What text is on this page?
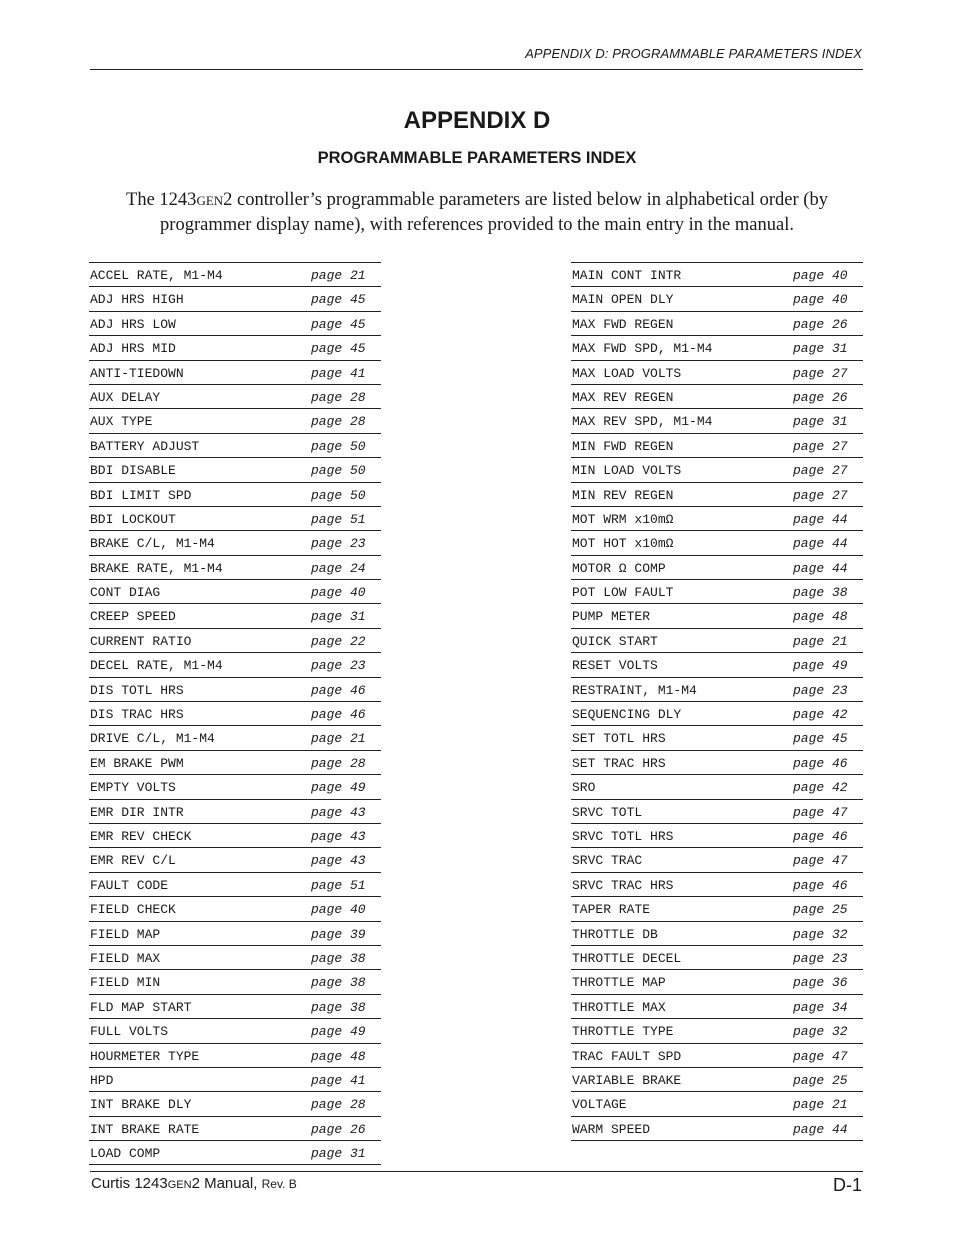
APPENDIX D: PROGRAMMABLE PARAMETERS INDEX
APPENDIX D
PROGRAMMABLE PARAMETERS INDEX
The 1243GEN2 controller’s programmable parameters are listed below in alphabetical order (by programmer display name), with references provided to the main entry in the manual.
ACCEL RATE, M1-M4	page 21
ADJ HRS HIGH	page 45
ADJ HRS LOW	page 45
ADJ HRS MID	page 45
ANTI-TIEDOWN	page 41
AUX DELAY	page 28
AUX TYPE	page 28
BATTERY ADJUST	page 50
BDI DISABLE	page 50
BDI LIMIT SPD	page 50
BDI LOCKOUT	page 51
BRAKE C/L, M1-M4	page 23
BRAKE RATE, M1-M4	page 24
CONT DIAG	page 40
CREEP SPEED	page 31
CURRENT RATIO	page 22
DECEL RATE, M1-M4	page 23
DIS TOTL HRS	page 46
DIS TRAC HRS	page 46
DRIVE C/L, M1-M4	page 21
EM BRAKE PWM	page 28
EMPTY VOLTS	page 49
EMR DIR INTR	page 43
EMR REV CHECK	page 43
EMR REV C/L	page 43
FAULT CODE	page 51
FIELD CHECK	page 40
FIELD MAP	page 39
FIELD MAX	page 38
FIELD MIN	page 38
FLD MAP START	page 38
FULL VOLTS	page 49
HOURMETER TYPE	page 48
HPD	page 41
INT BRAKE DLY	page 28
INT BRAKE RATE	page 26
LOAD COMP	page 31
MAIN CONT INTR	page 40
MAIN OPEN DLY	page 40
MAX FWD REGEN	page 26
MAX FWD SPD, M1-M4	page 31
MAX LOAD VOLTS	page 27
MAX REV REGEN	page 26
MAX REV SPD, M1-M4	page 31
MIN FWD REGEN	page 27
MIN LOAD VOLTS	page 27
MIN REV REGEN	page 27
MOT WRM x10mΩ	page 44
MOT HOT x10mΩ	page 44
MOTOR Ω COMP	page 44
POT LOW FAULT	page 38
PUMP METER	page 48
QUICK START	page 21
RESET VOLTS	page 49
RESTRAINT, M1-M4	page 23
SEQUENCING DLY	page 42
SET TOTL HRS	page 45
SET TRAC HRS	page 46
SRO	page 42
SRVC TOTL	page 47
SRVC TOTL HRS	page 46
SRVC TRAC	page 47
SRVC TRAC HRS	page 46
TAPER RATE	page 25
THROTTLE DB	page 32
THROTTLE DECEL	page 23
THROTTLE MAP	page 36
THROTTLE MAX	page 34
THROTTLE TYPE	page 32
TRAC FAULT SPD	page 47
VARIABLE BRAKE	page 25
VOLTAGE	page 21
WARM SPEED	page 44
Curtis 1243GEN2 Manual, Rev. B	D-1
